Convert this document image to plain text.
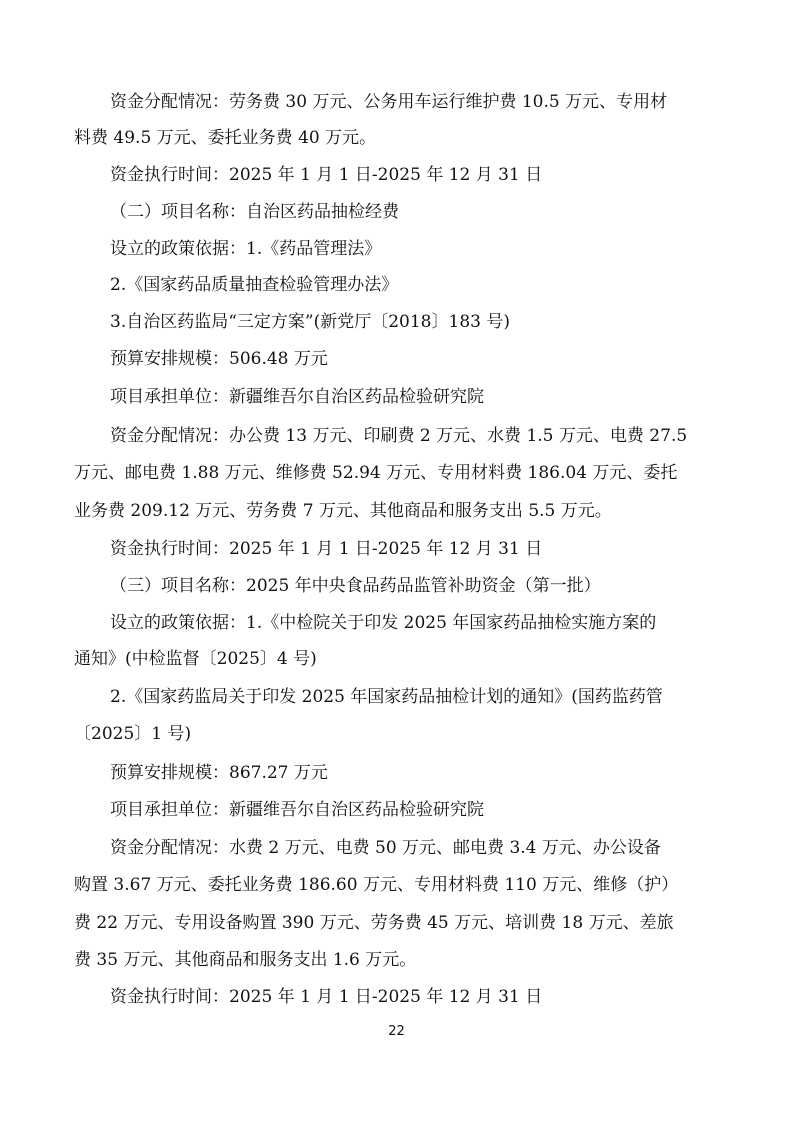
资金分配情况：劳务费 30 万元、公务用车运行维护费 10.5 万元、专用材

料费 49.5 万元、委托业务费 40 万元。

资金执行时间：2025 年 1 月 1 日-2025 年 12 月 31 日

（二）项目名称：自治区药品抽检经费

设立的政策依据：1.《药品管理法》

2.《国家药品质量抽查检验管理办法》

3.自治区药监局“三定方案”(新党厅〔2018〕183 号)

预算安排规模：506.48 万元

项目承担单位：新疆维吾尔自治区药品检验研究院

资金分配情况：办公费 13 万元、印刷费 2 万元、水费 1.5 万元、电费 27.5

万元、邮电费 1.88 万元、维修费 52.94 万元、专用材料费 186.04 万元、委托

业务费 209.12 万元、劳务费 7 万元、其他商品和服务支出 5.5 万元。

资金执行时间：2025 年 1 月 1 日-2025 年 12 月 31 日

（三）项目名称：2025 年中央食品药品监管补助资金（第一批）

设立的政策依据：1.《中检院关于印发 2025 年国家药品抽检实施方案的

通知》(中检监督〔2025〕4 号)

2.《国家药监局关于印发 2025 年国家药品抽检计划的通知》(国药监药管

〔2025〕1 号)

预算安排规模：867.27 万元

项目承担单位：新疆维吾尔自治区药品检验研究院

资金分配情况：水费 2 万元、电费 50 万元、邮电费 3.4 万元、办公设备

购置 3.67 万元、委托业务费 186.60 万元、专用材料费 110 万元、维修（护）

费 22 万元、专用设备购置 390 万元、劳务费 45 万元、培训费 18 万元、差旅

费 35 万元、其他商品和服务支出 1.6 万元。

资金执行时间：2025 年 1 月 1 日-2025 年 12 月 31 日

22
